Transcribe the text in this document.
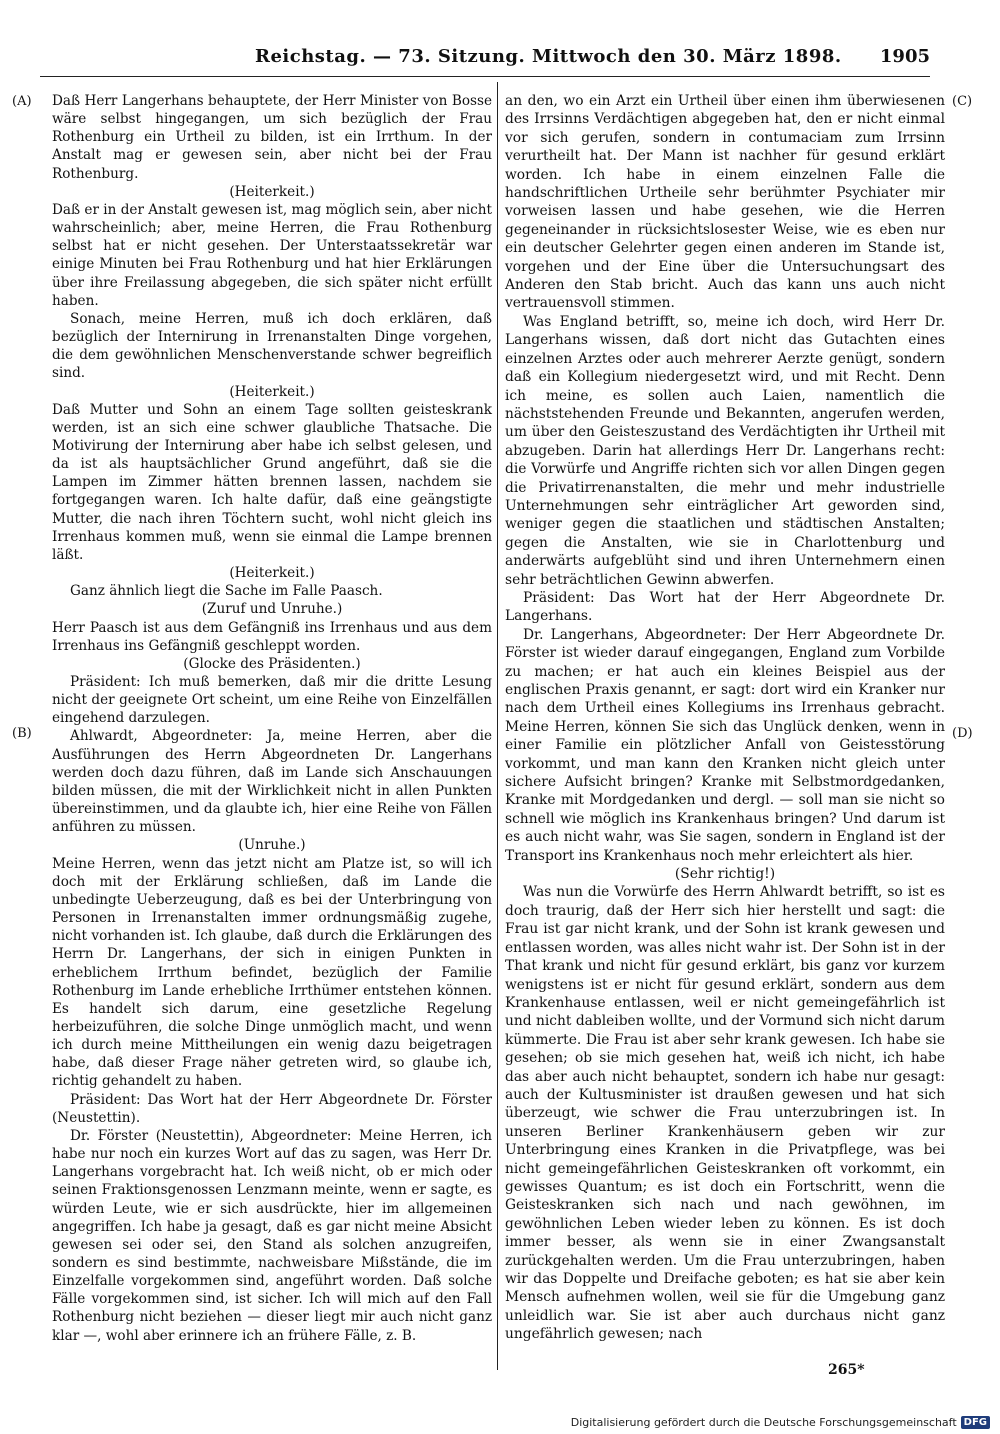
Reichstag. — 73. Sitzung. Mittwoch den 30. März 1898. 1905
(A)
(B)
(C)
(D)

Daß Herr Langerhans behauptete, der Herr Minister von Bosse wäre selbst hingegangen, um sich bezüglich der Frau Rothenburg ein Urtheil zu bilden, ist ein Irrthum. In der Anstalt mag er gewesen sein, aber nicht bei der Frau Rothenburg.

(Heiterkeit.)

Daß er in der Anstalt gewesen ist, mag möglich sein, aber nicht wahrscheinlich; aber, meine Herren, die Frau Rothenburg selbst hat er nicht gesehen. Der Unterstaatssekretär war einige Minuten bei Frau Rothenburg und hat hier Erklärungen über ihre Freilassung abgegeben, die sich später nicht erfüllt haben.

Sonach, meine Herren, muß ich doch erklären, daß bezüglich der Internirung in Irrenanstalten Dinge vorgehen, die dem gewöhnlichen Menschenverstande schwer begreiflich sind.

(Heiterkeit.)

Daß Mutter und Sohn an einem Tage sollten geisteskrank werden, ist an sich eine schwer glaubliche Thatsache. Die Motivirung der Internirung aber habe ich selbst gelesen, und da ist als hauptsächlicher Grund angeführt, daß sie die Lampen im Zimmer hätten brennen lassen, nachdem sie fortgegangen waren. Ich halte dafür, daß eine geängstigte Mutter, die nach ihren Töchtern sucht, wohl nicht gleich ins Irrenhaus kommen muß, wenn sie einmal die Lampe brennen läßt.

(Heiterkeit.)

Ganz ähnlich liegt die Sache im Falle Paasch.

(Zuruf und Unruhe.)

Herr Paasch ist aus dem Gefängniß ins Irrenhaus und aus dem Irrenhaus ins Gefängniß geschleppt worden.

(Glocke des Präsidenten.)

Präsident: Ich muß bemerken, daß mir die dritte Lesung nicht der geeignete Ort scheint, um eine Reihe von Einzelfällen eingehend darzulegen.

Ahlwardt, Abgeordneter: Ja, meine Herren, aber die Ausführungen des Herrn Abgeordneten Dr. Langerhans werden doch dazu führen, daß im Lande sich Anschauungen bilden müssen, die mit der Wirklichkeit nicht in allen Punkten übereinstimmen, und da glaubte ich, hier eine Reihe von Fällen anführen zu müssen.

(Unruhe.)

Meine Herren, wenn das jetzt nicht am Platze ist, so will ich doch mit der Erklärung schließen, daß im Lande die unbedingte Ueberzeugung, daß es bei der Unterbringung von Personen in Irrenanstalten immer ordnungsmäßig zugehe, nicht vorhanden ist. Ich glaube, daß durch die Erklärungen des Herrn Dr. Langerhans, der sich in einigen Punkten in erheblichem Irrthum befindet, bezüglich der Familie Rothenburg im Lande erhebliche Irrthümer entstehen können. Es handelt sich darum, eine gesetzliche Regelung herbeizuführen, die solche Dinge unmöglich macht, und wenn ich durch meine Mittheilungen ein wenig dazu beigetragen habe, daß dieser Frage näher getreten wird, so glaube ich, richtig gehandelt zu haben.

Präsident: Das Wort hat der Herr Abgeordnete Dr. Förster (Neustettin).

Dr. Förster (Neustettin), Abgeordneter: Meine Herren, ich habe nur noch ein kurzes Wort auf das zu sagen, was Herr Dr. Langerhans vorgebracht hat. Ich weiß nicht, ob er mich oder seinen Fraktionsgenossen Lenzmann meinte, wenn er sagte, es würden Leute, wie er sich ausdrückte, hier im allgemeinen angegriffen. Ich habe ja gesagt, daß es gar nicht meine Absicht gewesen sei oder sei, den Stand als solchen anzugreifen, sondern es sind bestimmte, nachweisbare Mißstände, die im Einzelfalle vorgekommen sind, angeführt worden. Daß solche Fälle vorgekommen sind, ist sicher. Ich will mich auf den Fall Rothenburg nicht beziehen — dieser liegt mir auch nicht ganz klar —, wohl aber erinnere ich an frühere Fälle, z. B.

an den, wo ein Arzt ein Urtheil über einen ihm überwiesenen des Irrsinns Verdächtigen abgegeben hat, den er nicht einmal vor sich gerufen, sondern in contumaciam zum Irrsinn verurtheilt hat. Der Mann ist nachher für gesund erklärt worden. Ich habe in einem einzelnen Falle die handschriftlichen Urtheile sehr berühmter Psychiater mir vorweisen lassen und habe gesehen, wie die Herren gegeneinander in rücksichtslosester Weise, wie es eben nur ein deutscher Gelehrter gegen einen anderen im Stande ist, vorgehen und der Eine über die Untersuchungsart des Anderen den Stab bricht. Auch das kann uns auch nicht vertrauensvoll stimmen.

Was England betrifft, so, meine ich doch, wird Herr Dr. Langerhans wissen, daß dort nicht das Gutachten eines einzelnen Arztes oder auch mehrerer Aerzte genügt, sondern daß ein Kollegium niedergesetzt wird, und mit Recht. Denn ich meine, es sollen auch Laien, namentlich die nächststehenden Freunde und Bekannten, angerufen werden, um über den Geisteszustand des Verdächtigten ihr Urtheil mit abzugeben. Darin hat allerdings Herr Dr. Langerhans recht: die Vorwürfe und Angriffe richten sich vor allen Dingen gegen die Privatirrenanstalten, die mehr und mehr industrielle Unternehmungen sehr einträglicher Art geworden sind, weniger gegen die staatlichen und städtischen Anstalten; gegen die Anstalten, wie sie in Charlottenburg und anderwärts aufgeblüht sind und ihren Unternehmern einen sehr beträchtlichen Gewinn abwerfen.

Präsident: Das Wort hat der Herr Abgeordnete Dr. Langerhans.

Dr. Langerhans, Abgeordneter: Der Herr Abgeordnete Dr. Förster ist wieder darauf eingegangen, England zum Vorbilde zu machen; er hat auch ein kleines Beispiel aus der englischen Praxis genannt, er sagt: dort wird ein Kranker nur nach dem Urtheil eines Kollegiums ins Irrenhaus gebracht. Meine Herren, können Sie sich das Unglück denken, wenn in einer Familie ein plötzlicher Anfall von Geistesstörung vorkommt, und man kann den Kranken nicht gleich unter sichere Aufsicht bringen? Kranke mit Selbstmordgedanken, Kranke mit Mordgedanken und dergl. — soll man sie nicht so schnell wie möglich ins Krankenhaus bringen? Und darum ist es auch nicht wahr, was Sie sagen, sondern in England ist der Transport ins Krankenhaus noch mehr erleichtert als hier.

(Sehr richtig!)

Was nun die Vorwürfe des Herrn Ahlwardt betrifft, so ist es doch traurig, daß der Herr sich hier herstellt und sagt: die Frau ist gar nicht krank, und der Sohn ist krank gewesen und entlassen worden, was alles nicht wahr ist. Der Sohn ist in der That krank und nicht für gesund erklärt, bis ganz vor kurzem wenigstens ist er nicht für gesund erklärt, sondern aus dem Krankenhause entlassen, weil er nicht gemeingefährlich ist und nicht dableiben wollte, und der Vormund sich nicht darum kümmerte. Die Frau ist aber sehr krank gewesen. Ich habe sie gesehen; ob sie mich gesehen hat, weiß ich nicht, ich habe das aber auch nicht behauptet, sondern ich habe nur gesagt: auch der Kultusminister ist draußen gewesen und hat sich überzeugt, wie schwer die Frau unterzubringen ist. In unseren Berliner Krankenhäusern geben wir zur Unterbringung eines Kranken in die Privatpflege, was bei nicht gemeingefährlichen Geisteskranken oft vorkommt, ein gewisses Quantum; es ist doch ein Fortschritt, wenn die Geisteskranken sich nach und nach gewöhnen, im gewöhnlichen Leben wieder leben zu können. Es ist doch immer besser, als wenn sie in einer Zwangsanstalt zurückgehalten werden. Um die Frau unterzubringen, haben wir das Doppelte und Dreifache geboten; es hat sie aber kein Mensch aufnehmen wollen, weil sie für die Umgebung ganz unleidlich war. Sie ist aber auch durchaus nicht ganz ungefährlich gewesen; nach

265*
Digitalisierung gefördert durch die Deutsche Forschungsgemeinschaft DFG
